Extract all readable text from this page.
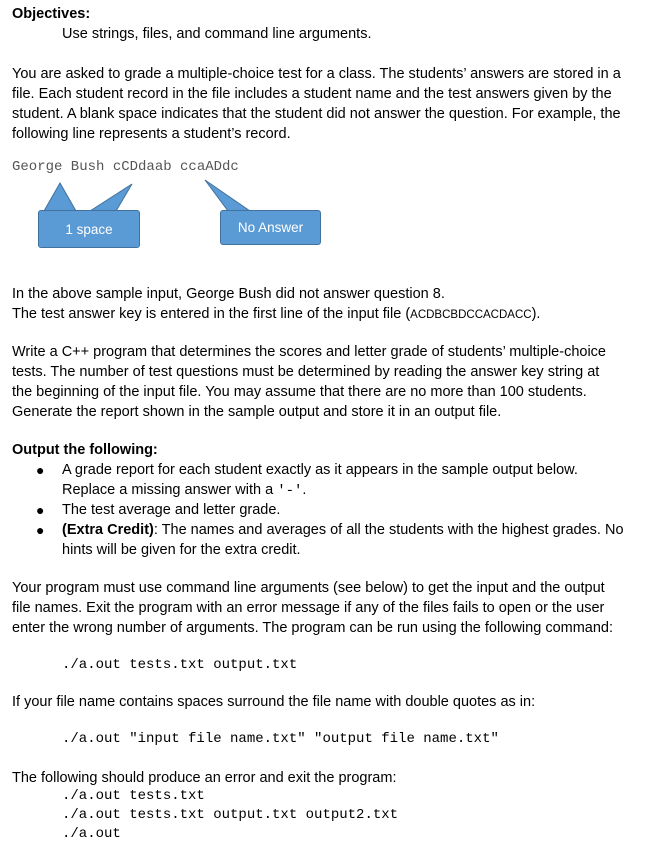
Objectives:
Use strings, files, and command line arguments.
You are asked to grade a multiple-choice test for a class. The students’ answers are stored in a
file. Each student record in the file includes a student name and the test answers given by the
student. A blank space indicates that the student did not answer the question. For example, the
following line represents a student’s record.
George Bush cCDdaab ccaADdc
1 space	No Answer
In the above sample input, George Bush did not answer question 8.
The test answer key is entered in the first line of the input file (ACDBCBDCCACDACC).
Write a C++ program that determines the scores and letter grade of students’ multiple-choice
tests. The number of test questions must be determined by reading the answer key string at
the beginning of the input file. You may assume that there are no more than 100 students.
Generate the report shown in the sample output and store it in an output file.
Output the following:
● A grade report for each student exactly as it appears in the sample output below.
Replace a missing answer with a '-'.
● The test average and letter grade.
● (Extra Credit): The names and averages of all the students with the highest grades. No
hints will be given for the extra credit.
Your program must use command line arguments (see below) to get the input and the output
file names. Exit the program with an error message if any of the files fails to open or the user
enter the wrong number of arguments. The program can be run using the following command:
./a.out tests.txt output.txt
If your file name contains spaces surround the file name with double quotes as in:
./a.out "input file name.txt" "output file name.txt"
The following should produce an error and exit the program:
./a.out tests.txt
./a.out tests.txt output.txt output2.txt
./a.out
